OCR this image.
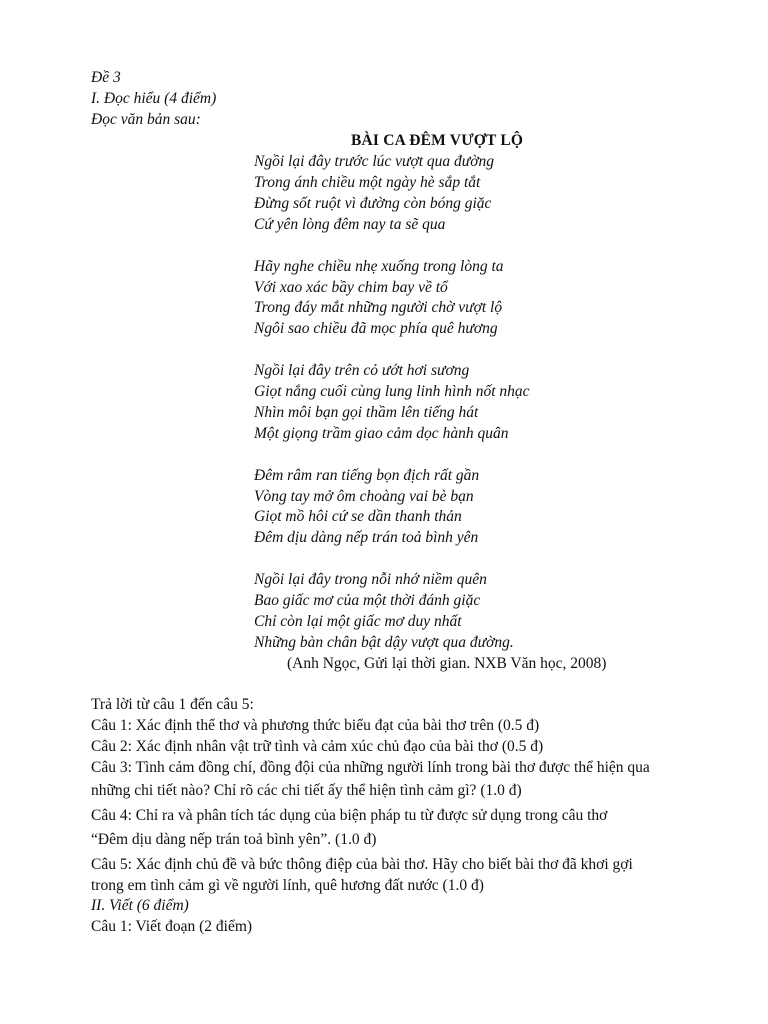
Đề 3
I. Đọc hiểu (4 điểm)
Đọc văn bản sau:
BÀI CA ĐÊM VƯỢT LỘ
Ngồi lại đây trước lúc vượt qua đường
Trong ánh chiều một ngày hè sắp tắt
Đừng sốt ruột vì đường còn bóng giặc
Cứ yên lòng đêm nay ta sẽ qua
Hãy nghe chiều nhẹ xuống trong lòng ta
Với xao xác bầy chim bay về tổ
Trong đáy mắt những người chờ vượt lộ
Ngôi sao chiều đã mọc phía quê hương
Ngồi lại đây trên cỏ ướt hơi sương
Giọt nắng cuối cùng lung linh hình nốt nhạc
Nhìn môi bạn gọi thầm lên tiếng hát
Một giọng trầm giao cảm dọc hành quân
Đêm râm ran tiếng bọn địch rất gần
Vòng tay mở ôm choàng vai bè bạn
Giọt mồ hôi cứ se dần thanh thản
Đêm dịu dàng nếp trán toả bình yên
Ngồi lại đây trong nỗi nhớ niềm quên
Bao giấc mơ của một thời đánh giặc
Chỉ còn lại một giấc mơ duy nhất
Những bàn chân bật dậy vượt qua đường.
(Anh Ngọc, Gửi lại thời gian. NXB Văn học, 2008)
Trả lời từ câu 1 đến câu 5:
Câu 1: Xác định thể thơ và phương thức biểu đạt của bài thơ trên (0.5 đ)
Câu 2: Xác định nhân vật trữ tình và cảm xúc chủ đạo của bài thơ (0.5 đ)
Câu 3: Tình cảm đồng chí, đồng đội của những người lính trong bài thơ được thể hiện qua
những chi tiết nào? Chỉ rõ các chi tiết ấy thể hiện tình cảm gì? (1.0 đ)
Câu 4: Chỉ ra và phân tích tác dụng của biện pháp tu từ được sử dụng trong câu thơ
“Đêm dịu dàng nếp trán toả bình yên”. (1.0 đ)
Câu 5: Xác định chủ đề và bức thông điệp của bài thơ. Hãy cho biết bài thơ đã khơi gợi
trong em tình cảm gì về người lính, quê hương đất nước (1.0 đ)
II. Viết (6 điểm)
Câu 1: Viết đoạn (2 điểm)
